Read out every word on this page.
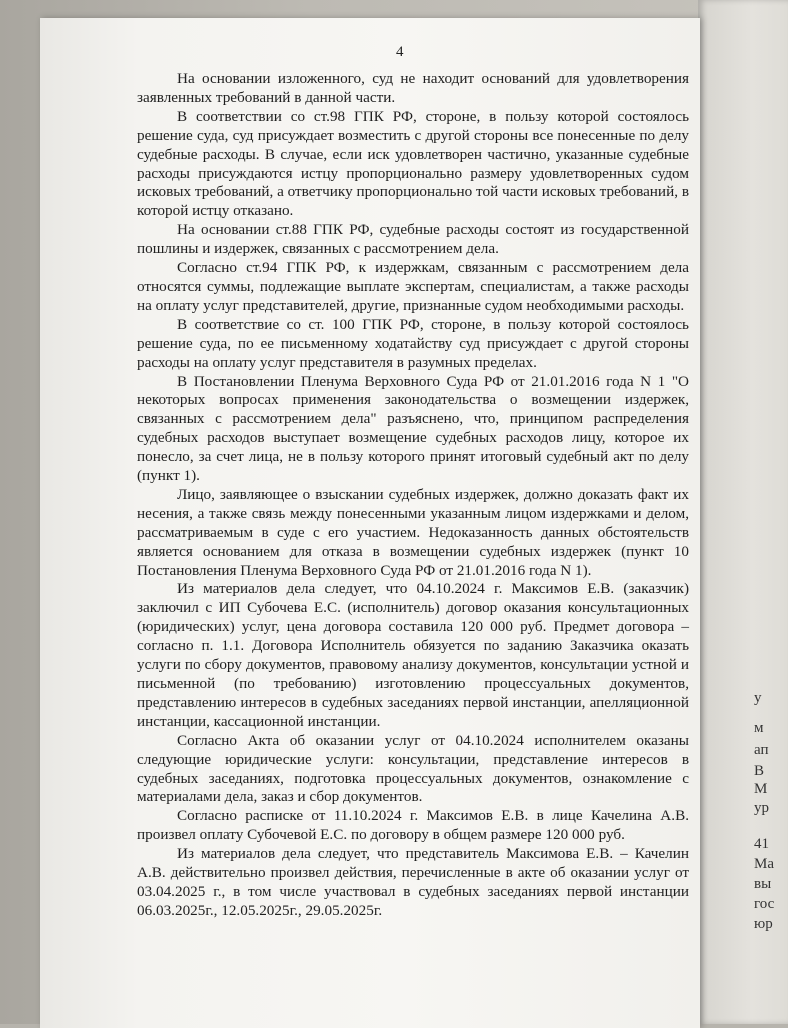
у
м
ап
В
М
ур
41
Ма
вы
гос
юр
4

На основании изложенного, суд не находит оснований для удовлетворения заявленных требований в данной части.

В соответствии со ст.98 ГПК РФ, стороне, в пользу которой состоялось решение суда, суд присуждает возместить с другой стороны все понесенные по делу судебные расходы. В случае, если иск удовлетворен частично, указанные судебные расходы присуждаются истцу пропорционально размеру удовлетворенных судом исковых требований, а ответчику пропорционально той части исковых требований, в которой истцу отказано.

На основании ст.88 ГПК РФ, судебные расходы состоят из государственной пошлины и издержек, связанных с рассмотрением дела.

Согласно ст.94 ГПК РФ, к издержкам, связанным с рассмотрением дела относятся суммы, подлежащие выплате экспертам, специалистам, а также расходы на оплату услуг представителей, другие, признанные судом необходимыми расходы.

В соответствие со ст. 100 ГПК РФ, стороне, в пользу которой состоялось решение суда, по ее письменному ходатайству суд присуждает с другой стороны расходы на оплату услуг представителя в разумных пределах.

В Постановлении Пленума Верховного Суда РФ от 21.01.2016 года N 1 "О некоторых вопросах применения законодательства о возмещении издержек, связанных с рассмотрением дела" разъяснено, что, принципом распределения судебных расходов выступает возмещение судебных расходов лицу, которое их понесло, за счет лица, не в пользу которого принят итоговый судебный акт по делу (пункт 1).

Лицо, заявляющее о взыскании судебных издержек, должно доказать факт их несения, а также связь между понесенными указанным лицом издержками и делом, рассматриваемым в суде с его участием. Недоказанность данных обстоятельств является основанием для отказа в возмещении судебных издержек (пункт 10 Постановления Пленума Верховного Суда РФ от 21.01.2016 года N 1).

Из материалов дела следует, что 04.10.2024 г. Максимов Е.В. (заказчик) заключил с ИП Субочева Е.С. (исполнитель) договор оказания консультационных (юридических) услуг, цена договора составила 120 000 руб. Предмет договора – согласно п. 1.1. Договора Исполнитель обязуется по заданию Заказчика оказать услуги по сбору документов, правовому анализу документов, консультации устной и письменной (по требованию) изготовлению процессуальных документов, представлению интересов в судебных заседаниях первой инстанции, апелляционной инстанции, кассационной инстанции.

Согласно Акта об оказании услуг от 04.10.2024 исполнителем оказаны следующие юридические услуги: консультации, представление интересов в судебных заседаниях, подготовка процессуальных документов, ознакомление с материалами дела, заказ и сбор документов.

Согласно расписке от 11.10.2024 г. Максимов Е.В. в лице Качелина А.В. произвел оплату Субочевой Е.С. по договору в общем размере 120 000 руб.

Из материалов дела следует, что представитель Максимова Е.В. – Качелин А.В. действительно произвел действия, перечисленные в акте об оказании услуг от 03.04.2025 г., в том числе участвовал в судебных заседаниях первой инстанции 06.03.2025г., 12.05.2025г., 29.05.2025г.
